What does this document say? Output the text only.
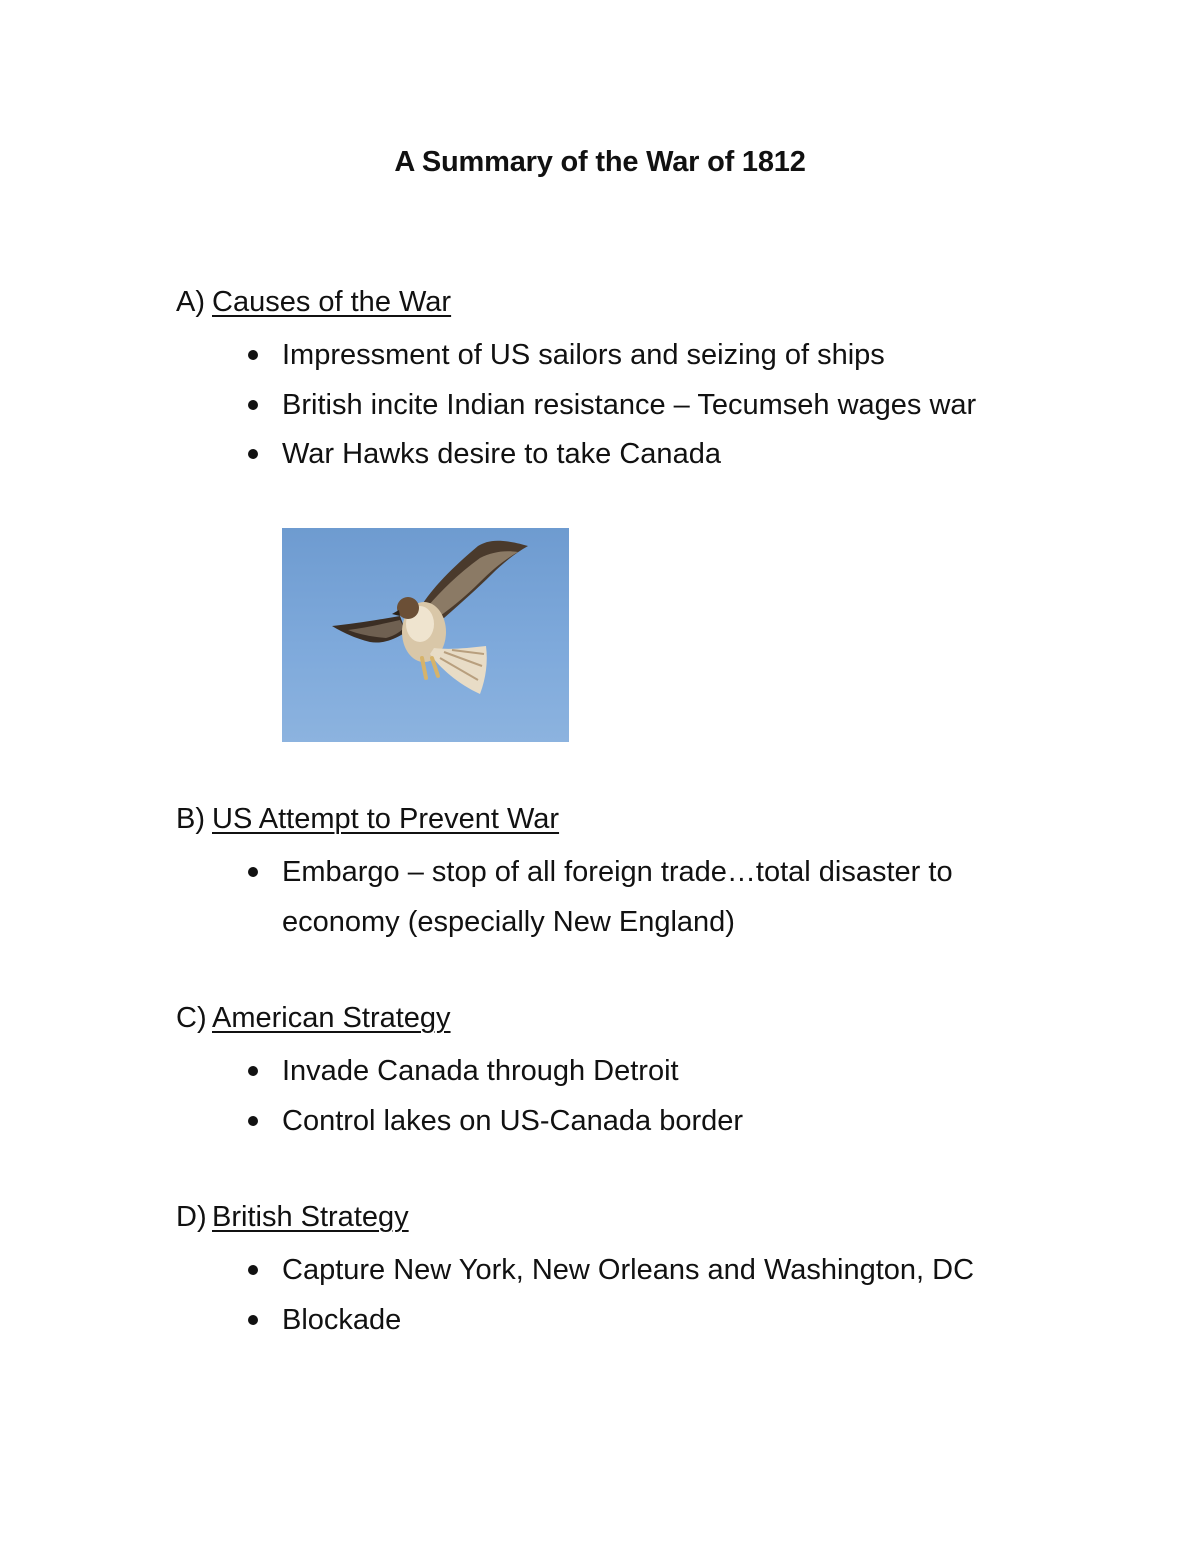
A Summary of the War of 1812
A) Causes of the War
Impressment of US sailors and seizing of ships
British incite Indian resistance – Tecumseh wages war
War Hawks desire to take Canada
B) US Attempt to Prevent War
Embargo – stop of all foreign trade…total disaster to economy (especially New England)
C) American Strategy
Invade Canada through Detroit
Control lakes on US-Canada border
D) British Strategy
Capture New York, New Orleans and Washington, DC
Blockade
